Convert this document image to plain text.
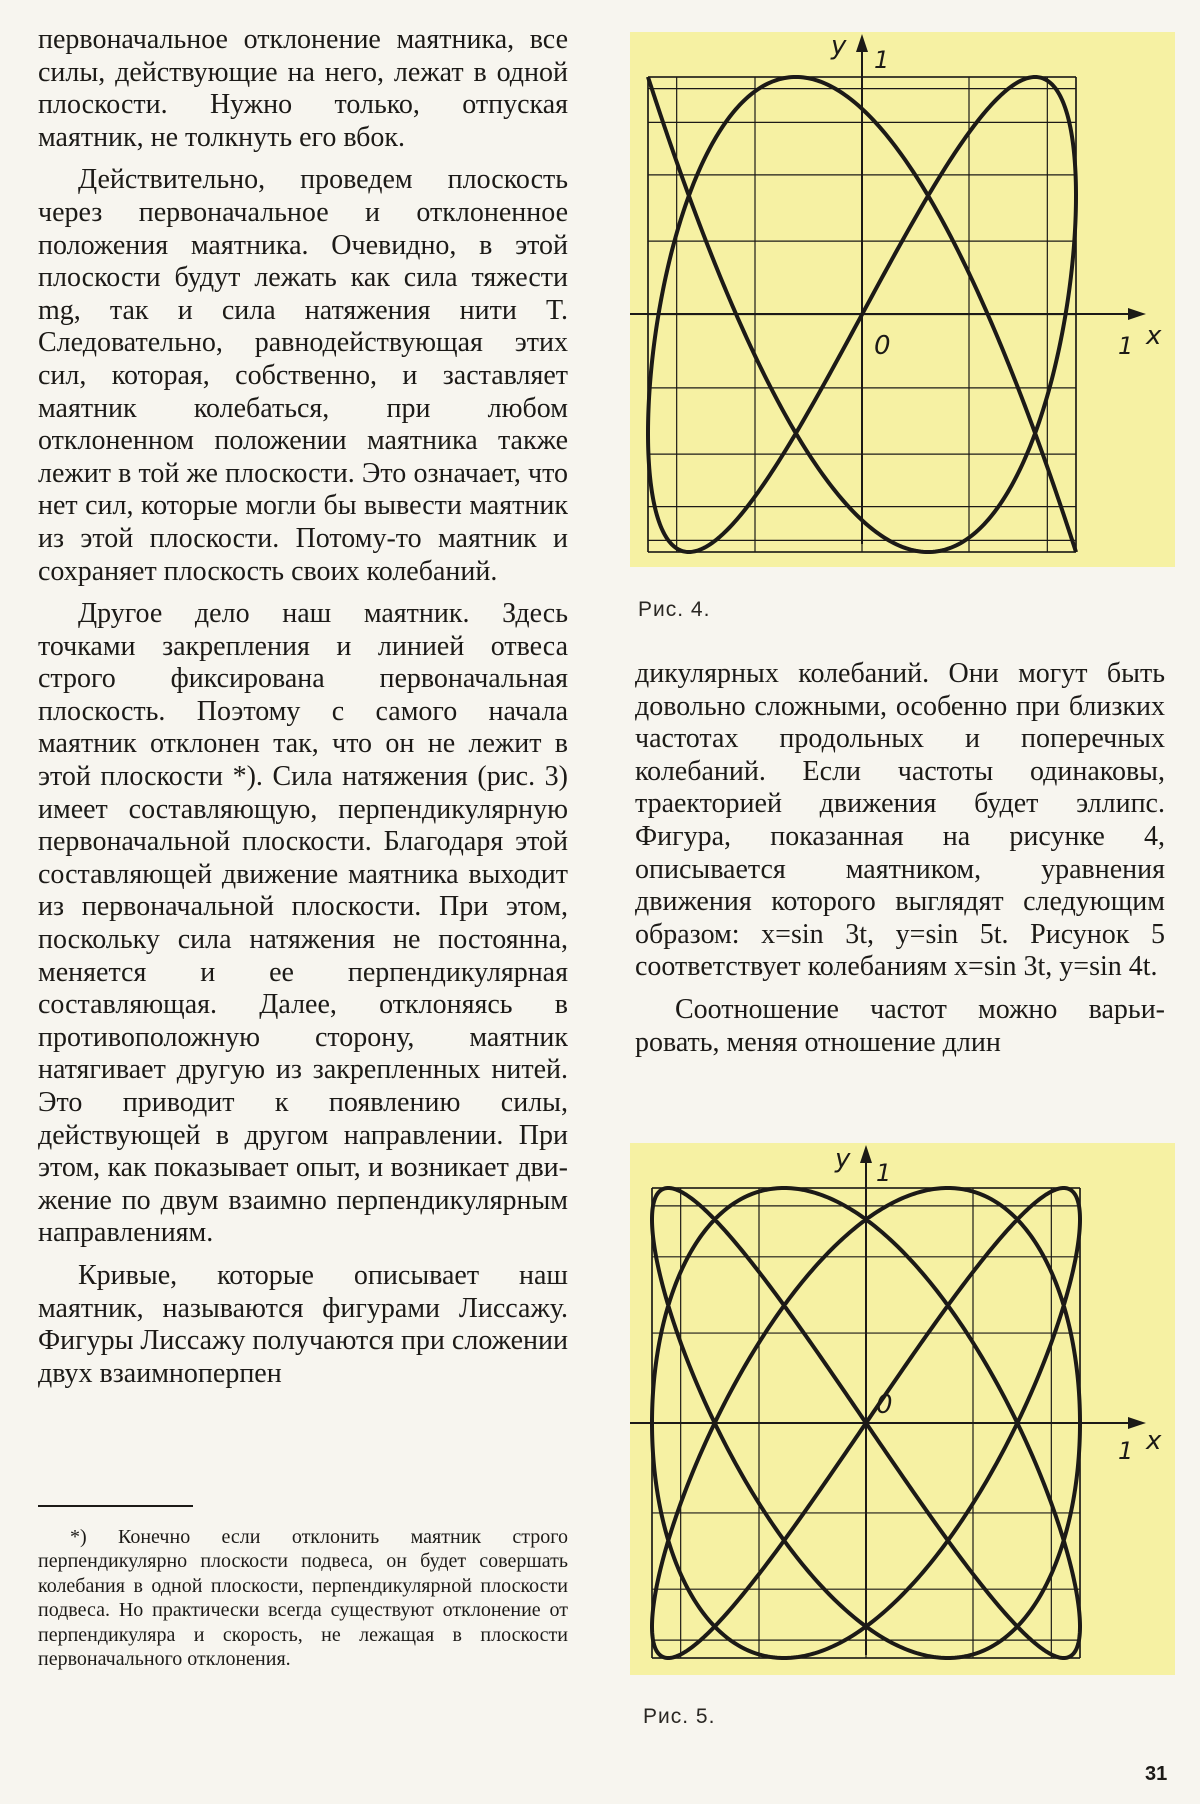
первоначальное отклонение маятника, все силы, действующие на него, лежат в одной плоскости. Нужно только, отпуская маятник, не толкнуть его вбок.

Действительно, проведем плоскость через первоначальное и отклоненное положения маятника. Очевидно, в этой плоскости будут лежать как сила тяжести mg, так и сила натяжения нити T. Следовательно, равнодействующая этих сил, которая, собственно, и заставляет маятник колебаться, при любом отклоненном положении маятника также лежит в той же плоскости. Это означает, что нет сил, которые могли бы вывести маятник из этой плоскости. Потому-то маятник и сохраняет плоскость своих колебаний.

Другое дело наш маятник. Здесь точками закрепления и линией отвеса строго фиксирована первоначальная плоскость. Поэтому с самого начала маятник отклонен так, что он не лежит в этой плоскости *). Сила натяжения (рис. 3) имеет составляющую, перпендикулярную первоначальной плоскости. Благодаря этой составляющей движение маятника выходит из первоначальной плоскости. При этом, поскольку сила натяжения не постоянна, меняется и ее перпендикулярная составляющая. Далее, отклоняясь в противоположную сторону, маятник натягивает другую из закрепленных нитей. Это приводит к появлению силы, действующей в другом направлении. При этом, как показывает опыт, и возникает движение по двум взаимно перпендикулярным направлениям.

Кривые, которые описывает наш маятник, называются фигурами Лиссажу. Фигуры Лиссажу получаются при сложении двух взаимноперпен

*) Конечно если отклонить маятник строго перпендикулярно плоскости подвеса, он будет совершать колебания в одной плоскости, перпендикулярной плоскости подвеса. Но практически всегда существуют отклонение от перпендикуляра и скорость, не лежащая в плоскости первоначального отклонения.
y 1
x
1
0
Рис. 4.

дикулярных колебаний. Они могут быть довольно сложными, особенно при близких частотах продольных и поперечных колебаний. Если частоты одинаковы, траекторией движения будет эллипс. Фигура, показанная на рисунке 4, описывается маятником, уравнения движения которого выглядят следующим образом: x=sin 3t, y=sin 5t. Рисунок 5 соответствует колебаниям x=sin 3t, y=sin 4t.

Соотношение частот можно варьировать, меняя отношение длин

y 1
x
1
0
Рис. 5.
31
